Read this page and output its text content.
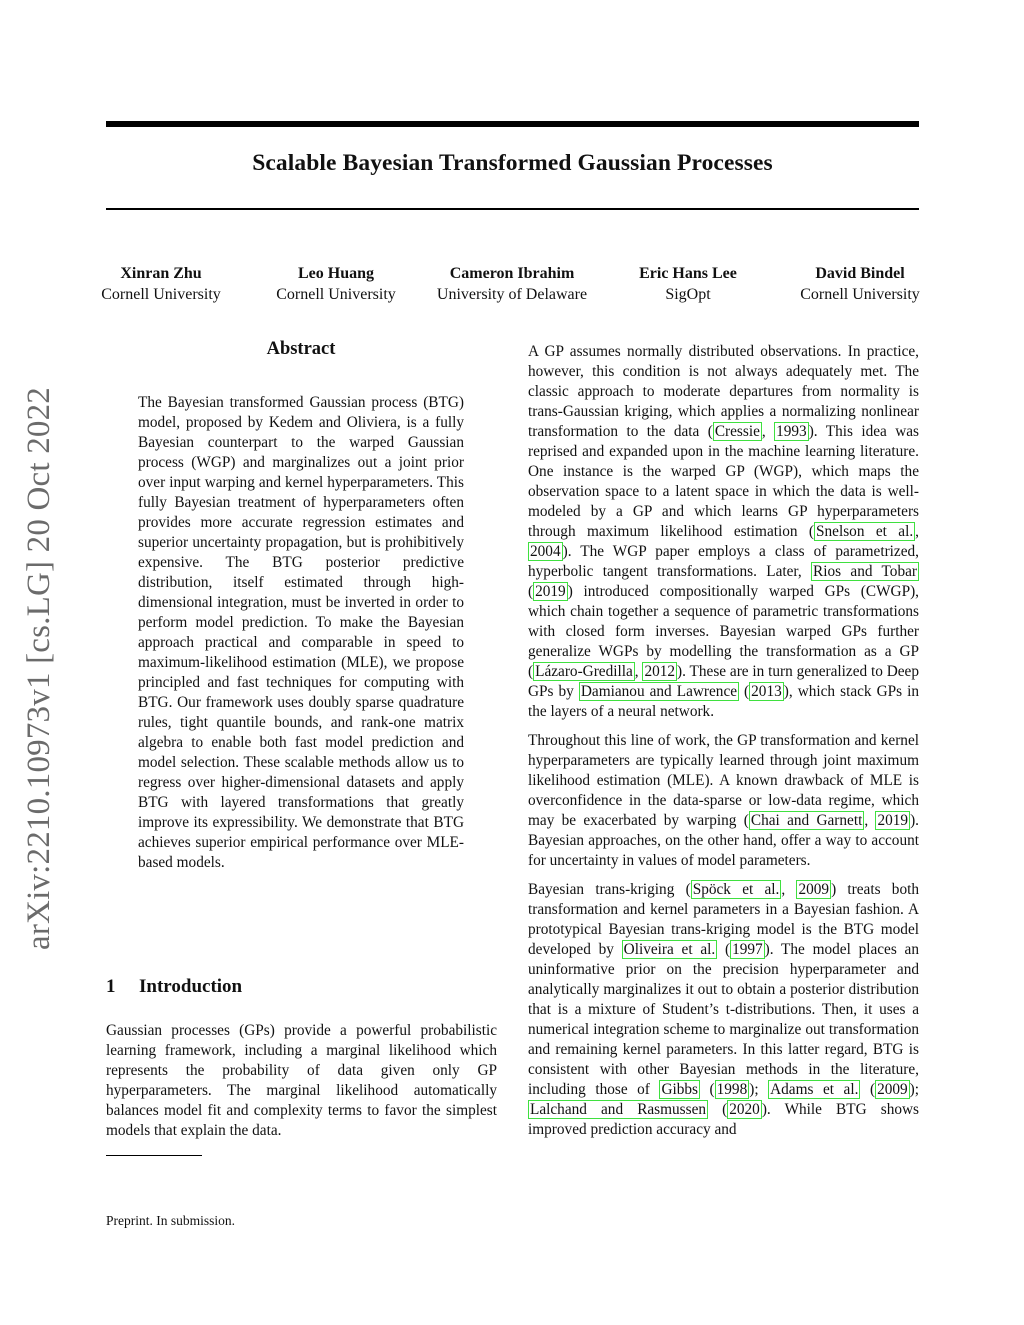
Scalable Bayesian Transformed Gaussian Processes
Xinran Zhu
Cornell University
Leo Huang
Cornell University
Cameron Ibrahim
University of Delaware
Eric Hans Lee
SigOpt
David Bindel
Cornell University
arXiv:2210.10973v1 [cs.LG] 20 Oct 2022
Abstract
The Bayesian transformed Gaussian process (BTG) model, proposed by Kedem and Oliviera, is a fully Bayesian counterpart to the warped Gaussian process (WGP) and marginalizes out a joint prior over input warping and kernel hyperparameters. This fully Bayesian treatment of hyperparameters often provides more accurate regression estimates and superior uncertainty propagation, but is prohibitively expensive. The BTG posterior predictive distribution, itself estimated through high-dimensional integration, must be inverted in order to perform model prediction. To make the Bayesian approach practical and comparable in speed to maximum-likelihood estimation (MLE), we propose principled and fast techniques for computing with BTG. Our framework uses doubly sparse quadrature rules, tight quantile bounds, and rank-one matrix algebra to enable both fast model prediction and model selection. These scalable methods allow us to regress over higher-dimensional datasets and apply BTG with layered transformations that greatly improve its expressibility. We demonstrate that BTG achieves superior empirical performance over MLE-based models.
1 Introduction
Gaussian processes (GPs) provide a powerful probabilistic learning framework, including a marginal likelihood which represents the probability of data given only GP hyperparameters. The marginal likelihood automatically balances model fit and complexity terms to favor the simplest models that explain the data.
Preprint. In submission.

A GP assumes normally distributed observations. In practice, however, this condition is not always adequately met. The classic approach to moderate departures from normality is trans-Gaussian kriging, which applies a normalizing nonlinear transformation to the data ( Cressie , 1993 ). This idea was reprised and expanded upon in the machine learning literature. One instance is the warped GP (WGP), which maps the observation space to a latent space in which the data is well-modeled by a GP and which learns GP hyperparameters through maximum likelihood estimation ( Snelson et al. , 2004 ). The WGP paper employs a class of parametrized, hyperbolic tangent transformations. Later, Rios and Tobar ( 2019 ) introduced compositionally warped GPs (CWGP), which chain together a sequence of parametric transformations with closed form inverses. Bayesian warped GPs further generalize WGPs by modelling the transformation as a GP ( Lázaro-Gredilla , 2012 ). These are in turn generalized to Deep GPs by Damianou and Lawrence ( 2013 ), which stack GPs in the layers of a neural network.

Throughout this line of work, the GP transformation and kernel hyperparameters are typically learned through joint maximum likelihood estimation (MLE). A known drawback of MLE is overconfidence in the data-sparse or low-data regime, which may be exacerbated by warping ( Chai and Garnett , 2019 ). Bayesian approaches, on the other hand, offer a way to account for uncertainty in values of model parameters.

Bayesian trans-kriging ( Spöck et al. , 2009 ) treats both transformation and kernel parameters in a Bayesian fashion. A prototypical Bayesian trans-kriging model is the BTG model developed by Oliveira et al. ( 1997 ). The model places an uninformative prior on the precision hyperparameter and analytically marginalizes it out to obtain a posterior distribution that is a mixture of Student’s t-distributions. Then, it uses a numerical integration scheme to marginalize out transformation and remaining kernel parameters. In this latter regard, BTG is consistent with other Bayesian methods in the literature, including those of Gibbs ( 1998 ); Adams et al. ( 2009 ); Lalchand and Rasmussen ( 2020 ). While BTG shows improved prediction accuracy and
